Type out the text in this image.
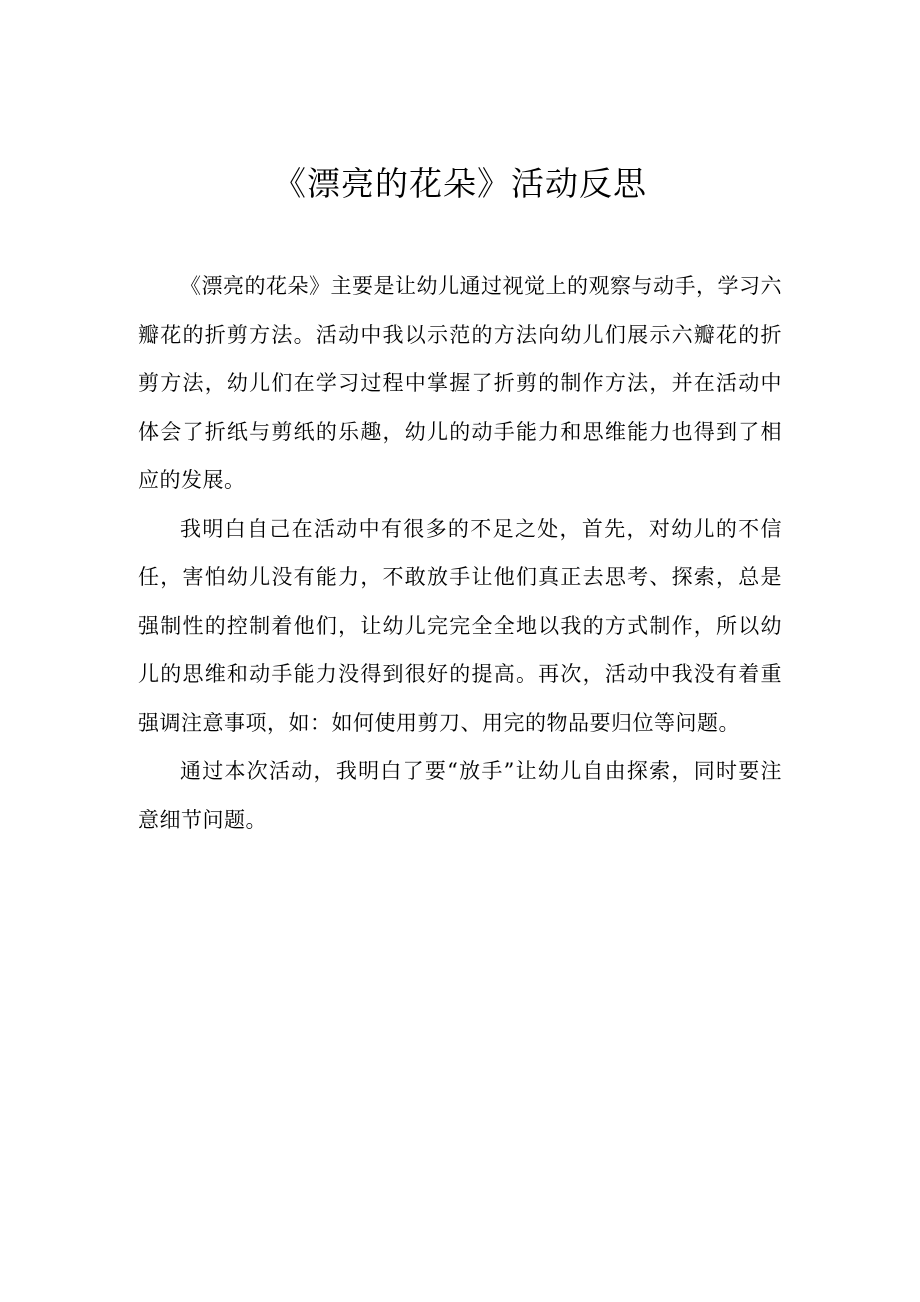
《漂亮的花朵》活动反思

《漂亮的花朵》主要是让幼儿通过视觉上的观察与动手，学习六瓣花的折剪方法。活动中我以示范的方法向幼儿们展示六瓣花的折剪方法，幼儿们在学习过程中掌握了折剪的制作方法，并在活动中体会了折纸与剪纸的乐趣，幼儿的动手能力和思维能力也得到了相应的发展。

我明白自己在活动中有很多的不足之处，首先，对幼儿的不信任，害怕幼儿没有能力，不敢放手让他们真正去思考、探索，总是强制性的控制着他们，让幼儿完完全全地以我的方式制作，所以幼儿的思维和动手能力没得到很好的提高。再次，活动中我没有着重强调注意事项，如：如何使用剪刀、用完的物品要归位等问题。

通过本次活动，我明白了要“放手”让幼儿自由探索，同时要注意细节问题。
